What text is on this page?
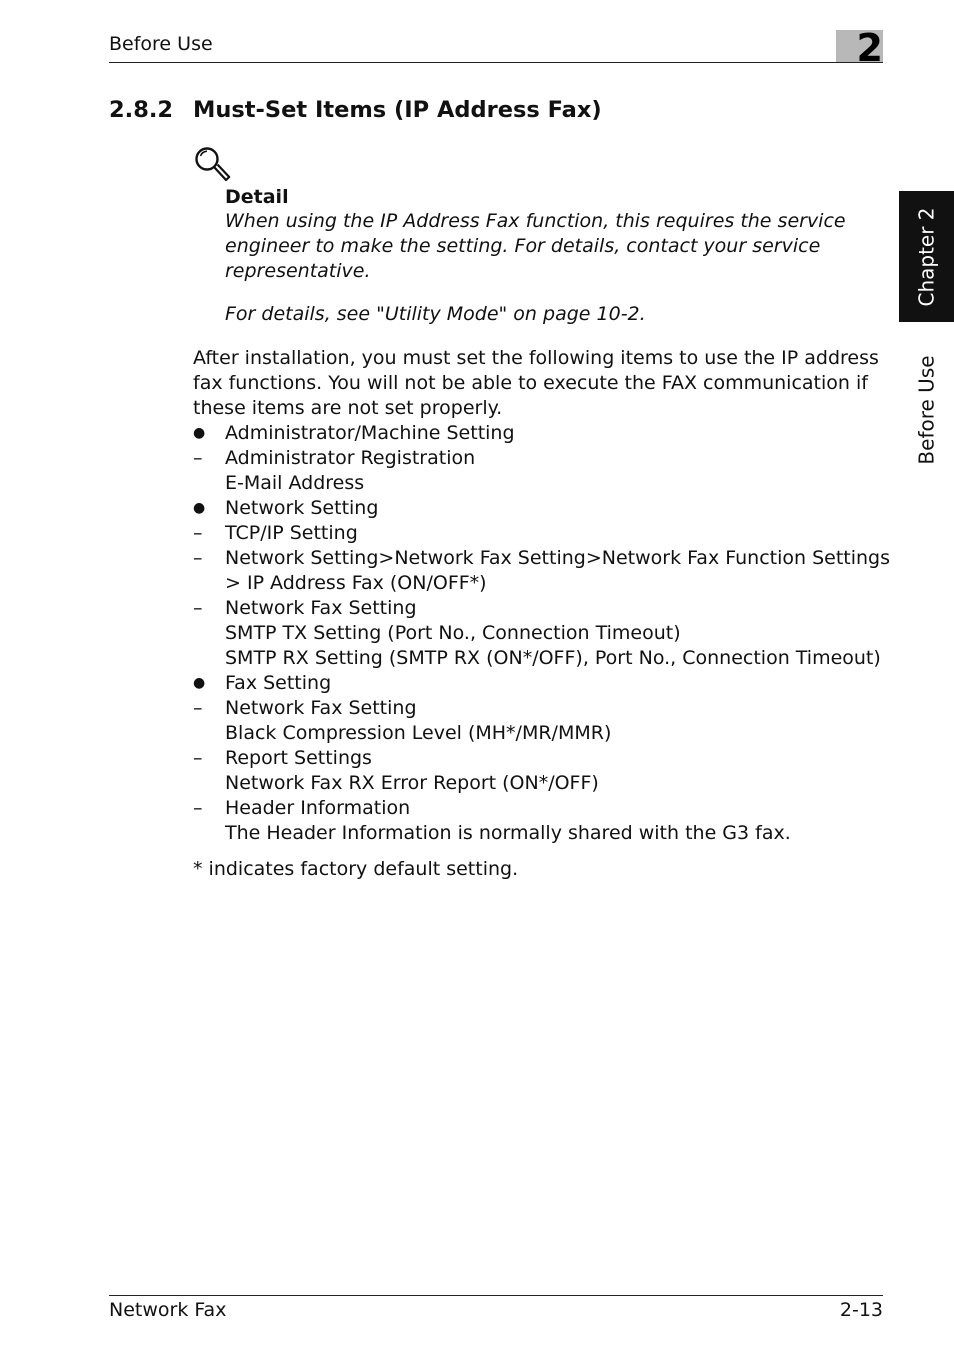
Before Use	2
Chapter 2
Before Use
2.8.2 Must-Set Items (IP Address Fax)
Detail
When using the IP Address Fax function, this requires the service engineer to make the setting. For details, contact your service representative.
For details, see "Utility Mode" on page 10-2.
After installation, you must set the following items to use the IP address fax functions. You will not be able to execute the FAX communication if these items are not set properly.
●	Administrator/Machine Setting
–	Administrator Registration
E-Mail Address
●	Network Setting
–	TCP/IP Setting
–	Network Setting>Network Fax Setting>Network Fax Function Settings > IP Address Fax (ON/OFF*)
–	Network Fax Setting
SMTP TX Setting (Port No., Connection Timeout)
SMTP RX Setting (SMTP RX (ON*/OFF), Port No., Connection Timeout)
●	Fax Setting
–	Network Fax Setting
Black Compression Level (MH*/MR/MMR)
–	Report Settings
Network Fax RX Error Report (ON*/OFF)
–	Header Information
The Header Information is normally shared with the G3 fax.
* indicates factory default setting.
Network Fax	2-13
